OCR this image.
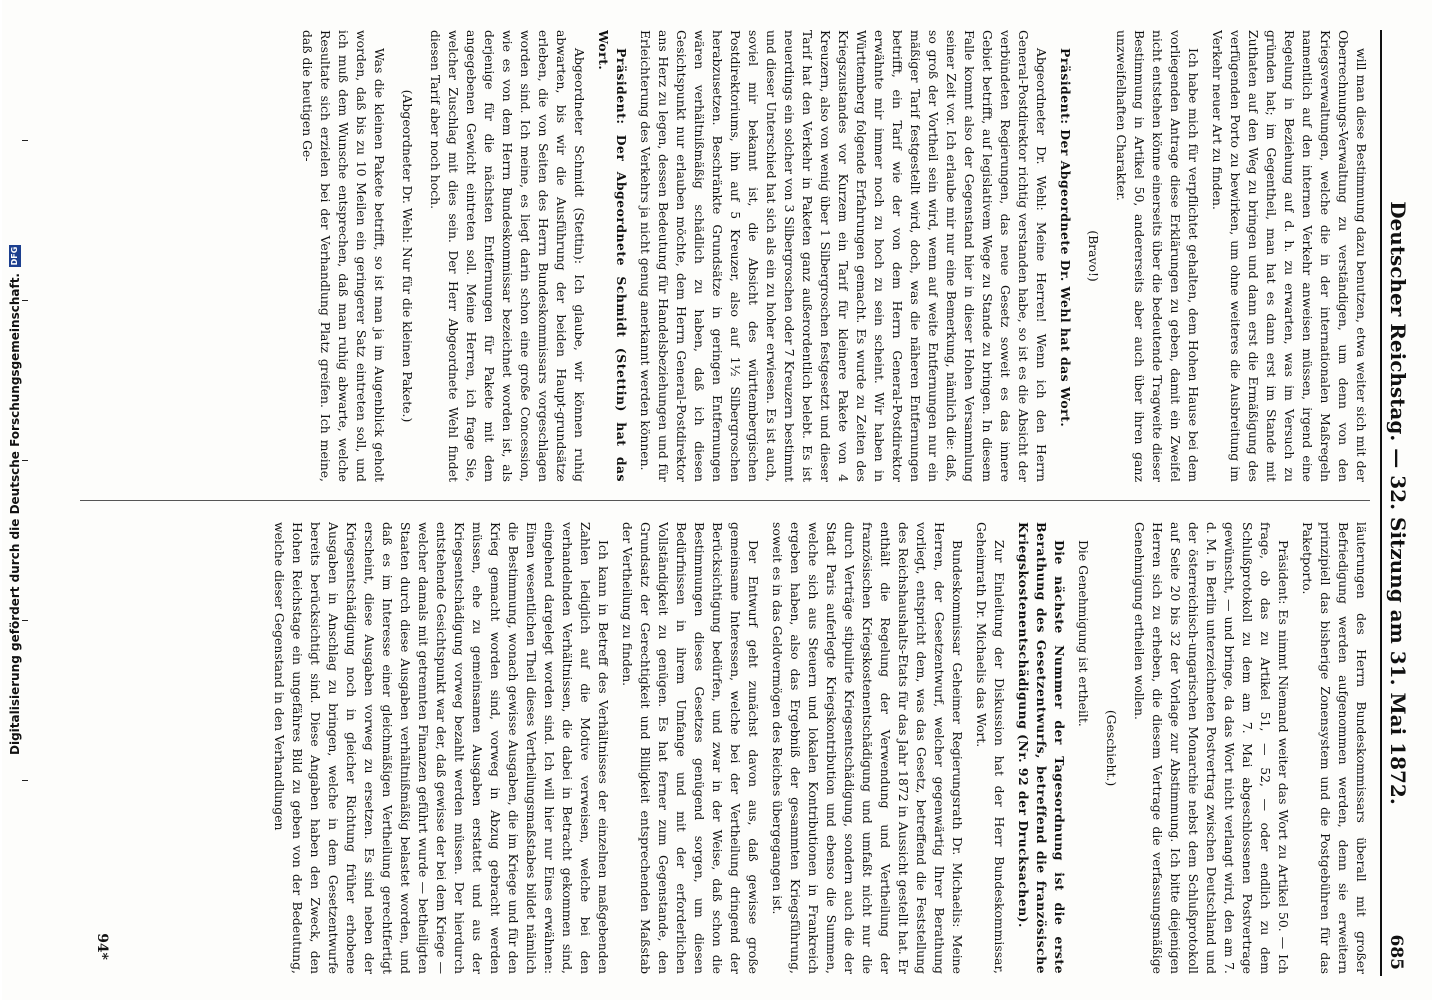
Deutscher Reichstag. — 32. Sitzung am 31. Mai 1872.
685

will man diese Bestimmung dazu benutzen, etwa weiter sich mit der Oberrechnungs-Verwaltung zu verständigen, um denn von den Kriegsverwaltungen, welche die in der internationalen Maßregeln namentlich auf den internen Verkehr anweisen müssen, irgend eine Regelung in Beziehung auf d. h. zu erwarten, was im Versuch zu gründen hat; im Gegentheil, man hat es dann erst im Stande mit Zuthaten auf den Weg zu bringen und dann erst die Ermäßigung des verfügenden Porto zu bewirken, um ohne weiteres die Ausbreitung im Verkehr neuer Art zu finden.

Ich habe mich für verpflichtet gehalten, dem Hohen Hause bei dem vorliegenden Antrage diese Erklärungen zu geben, damit ein Zweifel nicht entstehen könne einerseits über die bedeutende Tragweite dieser Bestimmung in Artikel 50, andererseits aber auch über ihren ganz unzweifelhaften Charakter.

(Bravo!)

Präsident: Der Abgeordnete Dr. Wehl hat das Wort.

Abgeordneter Dr. Wehl: Meine Herren! Wenn ich den Herrn General-Postdirektor richtig verstanden habe, so ist es die Absicht der verbündeten Regierungen, das neue Gesetz soweit es das innere Gebiet betrifft, auf legislativem Wege zu Stande zu bringen. In diesem Falle kommt also der Gegenstand hier in dieser Hohen Versammlung seiner Zeit vor. Ich erlaube mir nur eine Bemerkung, nämlich die: daß, so groß der Vortheil sein wird, wenn auf weite Entfernungen nur ein mäßiger Tarif festgestellt wird, doch, was die näheren Entfernungen betrifft, ein Tarif wie der von dem Herrn General-Postdirektor erwähnte mir immer noch zu hoch zu sein scheint. Wir haben in Württemberg folgende Erfahrungen gemacht. Es wurde zu Zeiten des Kriegszustandes vor Kurzem ein Tarif für kleinere Pakete von 4 Kreuzern, also von wenig über 1 Silbergroschen festgesetzt und dieser Tarif hat den Verkehr in Paketen ganz außerordentlich belebt. Es ist neuerdings ein solcher von 3 Silbergroschen oder 7 Kreuzern bestimmt und dieser Unterschied hat sich als ein zu hoher erwiesen. Es ist auch, soviel mir bekannt ist, die Absicht des württembergischen Postdirektoriums, ihn auf 5 Kreuzer, also auf 1½ Silbergroschen herabzusetzen. Beschränkte Grundsätze in geringen Entfernungen wären verhältnißmäßig schädlich zu haben, daß ich diesen Gesichtspunkt nur erlauben möchte, dem Herrn General-Postdirektor ans Herz zu legen, dessen Bedeutung für Handelsbeziehungen und für Erleichterung des Verkehrs ja nicht genug anerkannt werden können.

Präsident: Der Abgeordnete Schmidt (Stettin) hat das Wort.

Abgeordneter Schmidt (Stettin): Ich glaube, wir können ruhig abwarten, bis wir die Ausführung der beiden Haupt-grundsätze erleben, die von Seiten des Herrn Bundeskommissars vorgeschlagen worden sind. Ich meine, es liegt darin schon eine große Concession, wie es von dem Herrn Bundeskommissar bezeichnet worden ist, als derjenige für die nächsten Entfernungen für Pakete mit dem angegebenen Gewicht eintreten soll. Meine Herren, ich frage Sie, welcher Zuschlag mit dies sein. Der Herr Abgeordnete Wehl findet diesen Tarif aber noch hoch.

(Abgeordneter Dr. Wehl: Nur für die kleinen Pakete.)

Was die kleinen Pakete betrifft, so ist man ja im Augenblick geholt worden, daß bis zu 10 Meilen ein geringerer Satz eintreten soll, und ich muß dem Wunsche entsprechen, daß man ruhig abwarte, welche Resultate sich erzielen bei der Verhandlung Platz greifen. Ich meine, daß die heutigen Ge-

läuterungen des Herrn Bundeskommissars überall mit großer Befriedigung werden aufgenommen werden, denn sie erweitern prinzipiell das bisherige Zonensystem und die Postgebühren für das Paketporto.

Präsident: Es nimmt Niemand weiter das Wort zu Artikel 50. — Ich frage, ob das zu Artikel 51, — 52, — oder endlich zu dem Schlußprotokoll zu dem am 7. Mai abgeschlossenen Postvertrage gewünscht, — und bringe, da das Wort nicht verlangt wird, den am 7. d. M. in Berlin unterzeichneten Postvertrag zwischen Deutschland und der österreichisch-ungarischen Monarchie nebst dem Schlußprotokoll auf Seite 20 bis 32 der Vorlage zur Abstimmung. Ich bitte diejenigen Herren sich zu erheben, die diesem Vertrage die verfassungsmäßige Genehmigung ertheilen wollen.

(Geschieht.)

Die Genehmigung ist ertheilt.

Die nächste Nummer der Tagesordnung ist die erste Berathung des Gesetzentwurfs, betreffend die französische Kriegskostenentschädigung (Nr. 92 der Drucksachen).

Zur Einleitung der Diskussion hat der Herr Bundeskommissar, Geheimrath Dr. Michaelis das Wort.

Bundeskommissar Geheimer Regierungsrath Dr. Michaelis: Meine Herren, der Gesetzentwurf, welcher gegenwärtig Ihrer Berathung vorliegt, entspricht dem, was das Gesetz, betreffend die Feststellung des Reichshaushalts-Etats für das Jahr 1872 in Aussicht gestellt hat. Er enthält die Regelung der Verwendung und Vertheilung der französischen Kriegskostenentschädigung und umfaßt nicht nur die durch Verträge stipulirte Kriegsentschädigung, sondern auch die der Stadt Paris auferlegte Kriegskontribution und ebenso die Summen, welche sich aus Steuern und lokalen Kontributionen in Frankreich ergeben haben, also das Ergebniß der gesammten Kriegsführung, soweit es in das Geldvermögen des Reiches übergegangen ist.

Der Entwurf geht zunächst davon aus, daß gewisse große gemeinsame Interessen, welche bei der Vertheilung dringend der Berücksichtigung bedürfen, und zwar in der Weise, daß schon die Bestimmungen dieses Gesetzes genügend sorgen, um diesen Bedürfnissen in ihrem Umfange und mit der erforderlichen Vollständigkeit zu genügen. Es hat ferner zum Gegenstande, den Grundsatz der Gerechtigkeit und Billigkeit entsprechenden Maßstab der Vertheilung zu finden.

Ich kann in Betreff des Verhältnisses der einzelnen maßgebenden Zahlen lediglich auf die Motive verweisen, welche bei den verhandelnden Verhältnissen, die dabei in Betracht gekommen sind, eingehend dargelegt worden sind. Ich will hier nur Eines erwähnen: Einen wesentlichen Theil dieses Vertheilungsmaßstabes bildet nämlich die Bestimmung, wonach gewisse Ausgaben, die im Kriege und für den Krieg gemacht worden sind, vorweg in Abzug gebracht werden müssen, ehe zu gemeinsamen Ausgaben erstattet und aus der Kriegsentschädigung vorweg bezahlt werden müssen. Der hierdurch entstehende Gesichtspunkt war der, daß gewisse der bei dem Kriege — welcher damals mit getrennten Finanzen geführt wurde — betheiligten Staaten durch diese Ausgaben verhältnißmäßig belastet worden, und daß es im Interesse einer gleichmäßigen Vertheilung gerechtfertigt erscheint, diese Ausgaben vorweg zu ersetzen. Es sind neben der Kriegsentschädigung noch in gleicher Richtung früher erhobene Ausgaben in Anschlag zu bringen, welche in dem Gesetzentwurfe bereits berücksichtigt sind. Diese Angaben haben den Zweck, den Hohen Reichstage ein ungefähres Bild zu geben von der Bedeutung, welche dieser Gegenstand in den Verhandlungen

94*
Digitalisierung gefördert durch die Deutsche Forschungsgemeinschaft.
DFG
